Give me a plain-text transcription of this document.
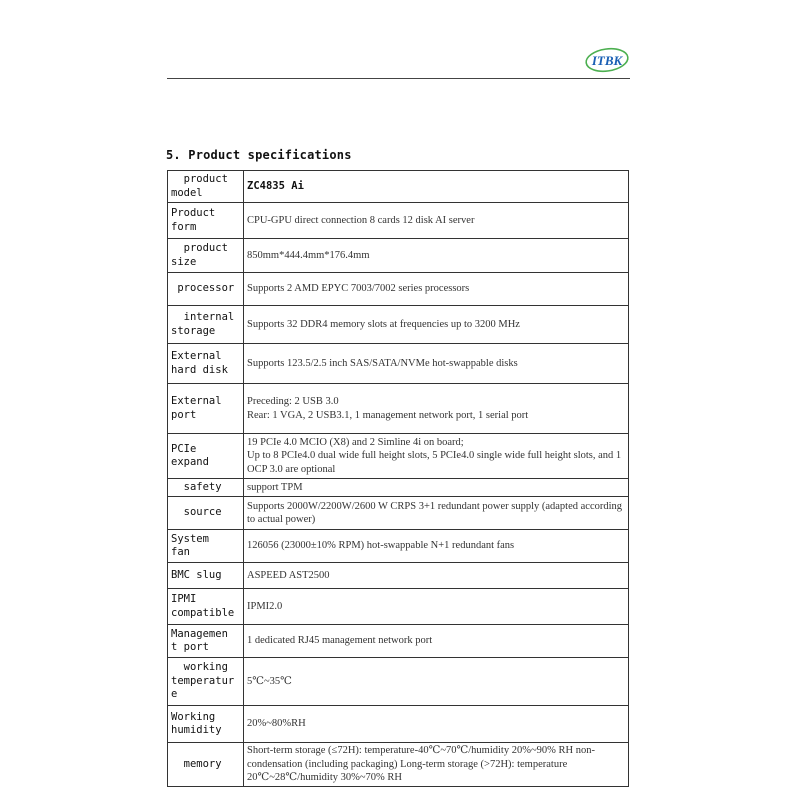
ITBK
5. Product specifications
product
model	ZC4835 Ai
Product
form	CPU-GPU direct connection 8 cards 12 disk AI server
product
size	850mm*444.4mm*176.4mm
processor	Supports 2 AMD EPYC 7003/7002 series processors
internal
storage	Supports 32 DDR4 memory slots at frequencies up to 3200 MHz
External
hard disk	Supports 123.5/2.5 inch SAS/SATA/NVMe hot-swappable disks
External
port	Preceding: 2 USB 3.0
Rear: 1 VGA, 2 USB3.1, 1 management network port, 1 serial port
PCIe
expand	19 PCIe 4.0 MCIO (X8) and 2 Simline 4i on board;
Up to 8 PCIe4.0 dual wide full height slots, 5 PCIe4.0 single wide full height slots, and 1 OCP 3.0 are optional
safety	support TPM
source	Supports 2000W/2200W/2600 W CRPS 3+1 redundant power supply (adapted according to actual power)
System
fan	126056 (23000±10% RPM) hot-swappable N+1 redundant fans
BMC slug	ASPEED AST2500
IPMI
compatible	IPMI2.0
Managemen
t port	1 dedicated RJ45 management network port
working
temperatur
e	5℃~35℃
Working
humidity	20%~80%RH
memory	Short-term storage (≤72H): temperature-40℃~70℃/humidity 20%~90% RH non-condensation (including packaging) Long-term storage (>72H): temperature 20℃~28℃/humidity 30%~70% RH
